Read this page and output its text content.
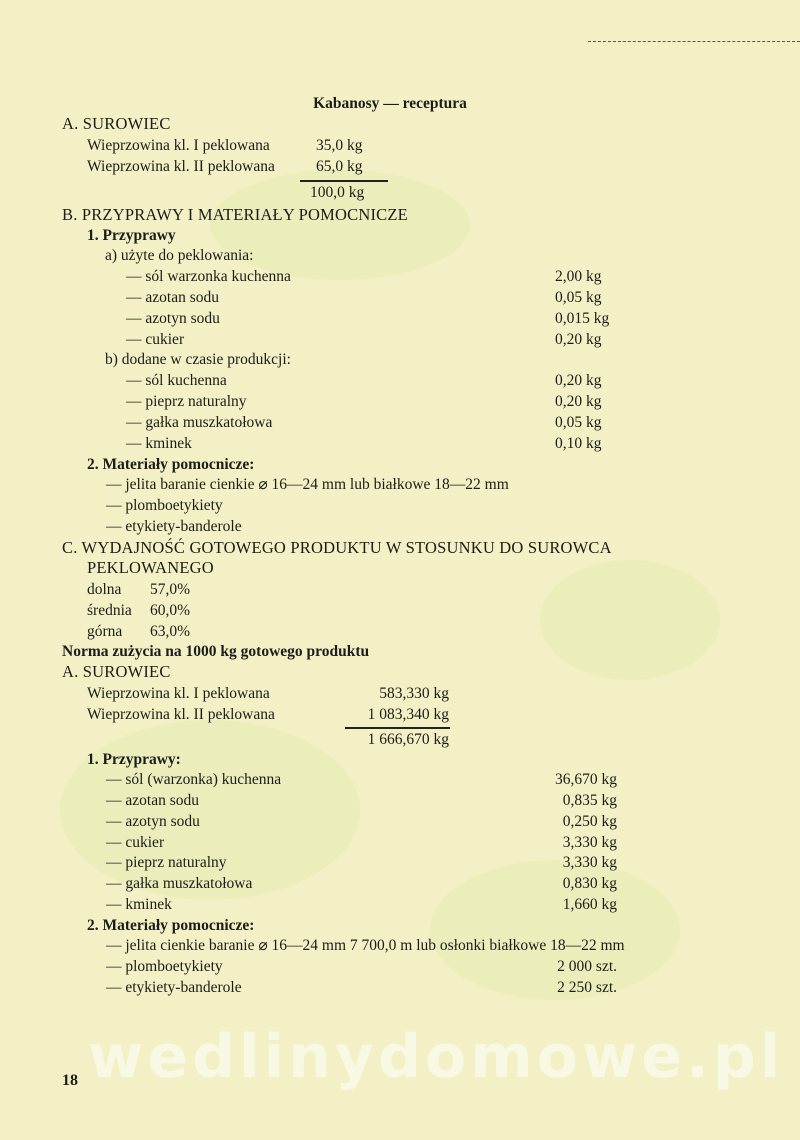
Kabanosy — receptura
A. SUROWIEC
Wieprzowina kl. I peklowana	35,0 kg
Wieprzowina kl. II peklowana	65,0 kg
100,0 kg
B. PRZYPRAWY I MATERIAŁY POMOCNICZE
1. Przyprawy
a) użyte do peklowania:
— sól warzonka kuchenna	2,00 kg
— azotan sodu	0,05 kg
— azotyn sodu	0,015 kg
— cukier	0,20 kg
b) dodane w czasie produkcji:
— sól kuchenna	0,20 kg
— pieprz naturalny	0,20 kg
— gałka muszkatołowa	0,05 kg
— kminek	0,10 kg
2. Materiały pomocnicze:
— jelita baranie cienkie ⌀ 16—24 mm lub białkowe 18—22 mm
— plomboetykiety
— etykiety-banderole
C. WYDAJNOŚĆ GOTOWEGO PRODUKTU W STOSUNKU DO SUROWCA
PEKLOWANEGO
dolna 57,0%
średnia 60,0%
górna 63,0%
Norma zużycia na 1000 kg gotowego produktu
A. SUROWIEC
Wieprzowina kl. I peklowana	583,330 kg
Wieprzowina kl. II peklowana	1 083,340 kg
1 666,670 kg
1. Przyprawy:
— sól (warzonka) kuchenna	36,670 kg
— azotan sodu	0,835 kg
— azotyn sodu	0,250 kg
— cukier	3,330 kg
— pieprz naturalny	3,330 kg
— gałka muszkatołowa	0,830 kg
— kminek	1,660 kg
2. Materiały pomocnicze:
— jelita cienkie baranie ⌀ 16—24 mm 7 700,0 m lub osłonki białkowe 18—22 mm
— plomboetykiety	2 000 szt.
— etykiety-banderole	2 250 szt.
wedlinydomowe.pl
18
